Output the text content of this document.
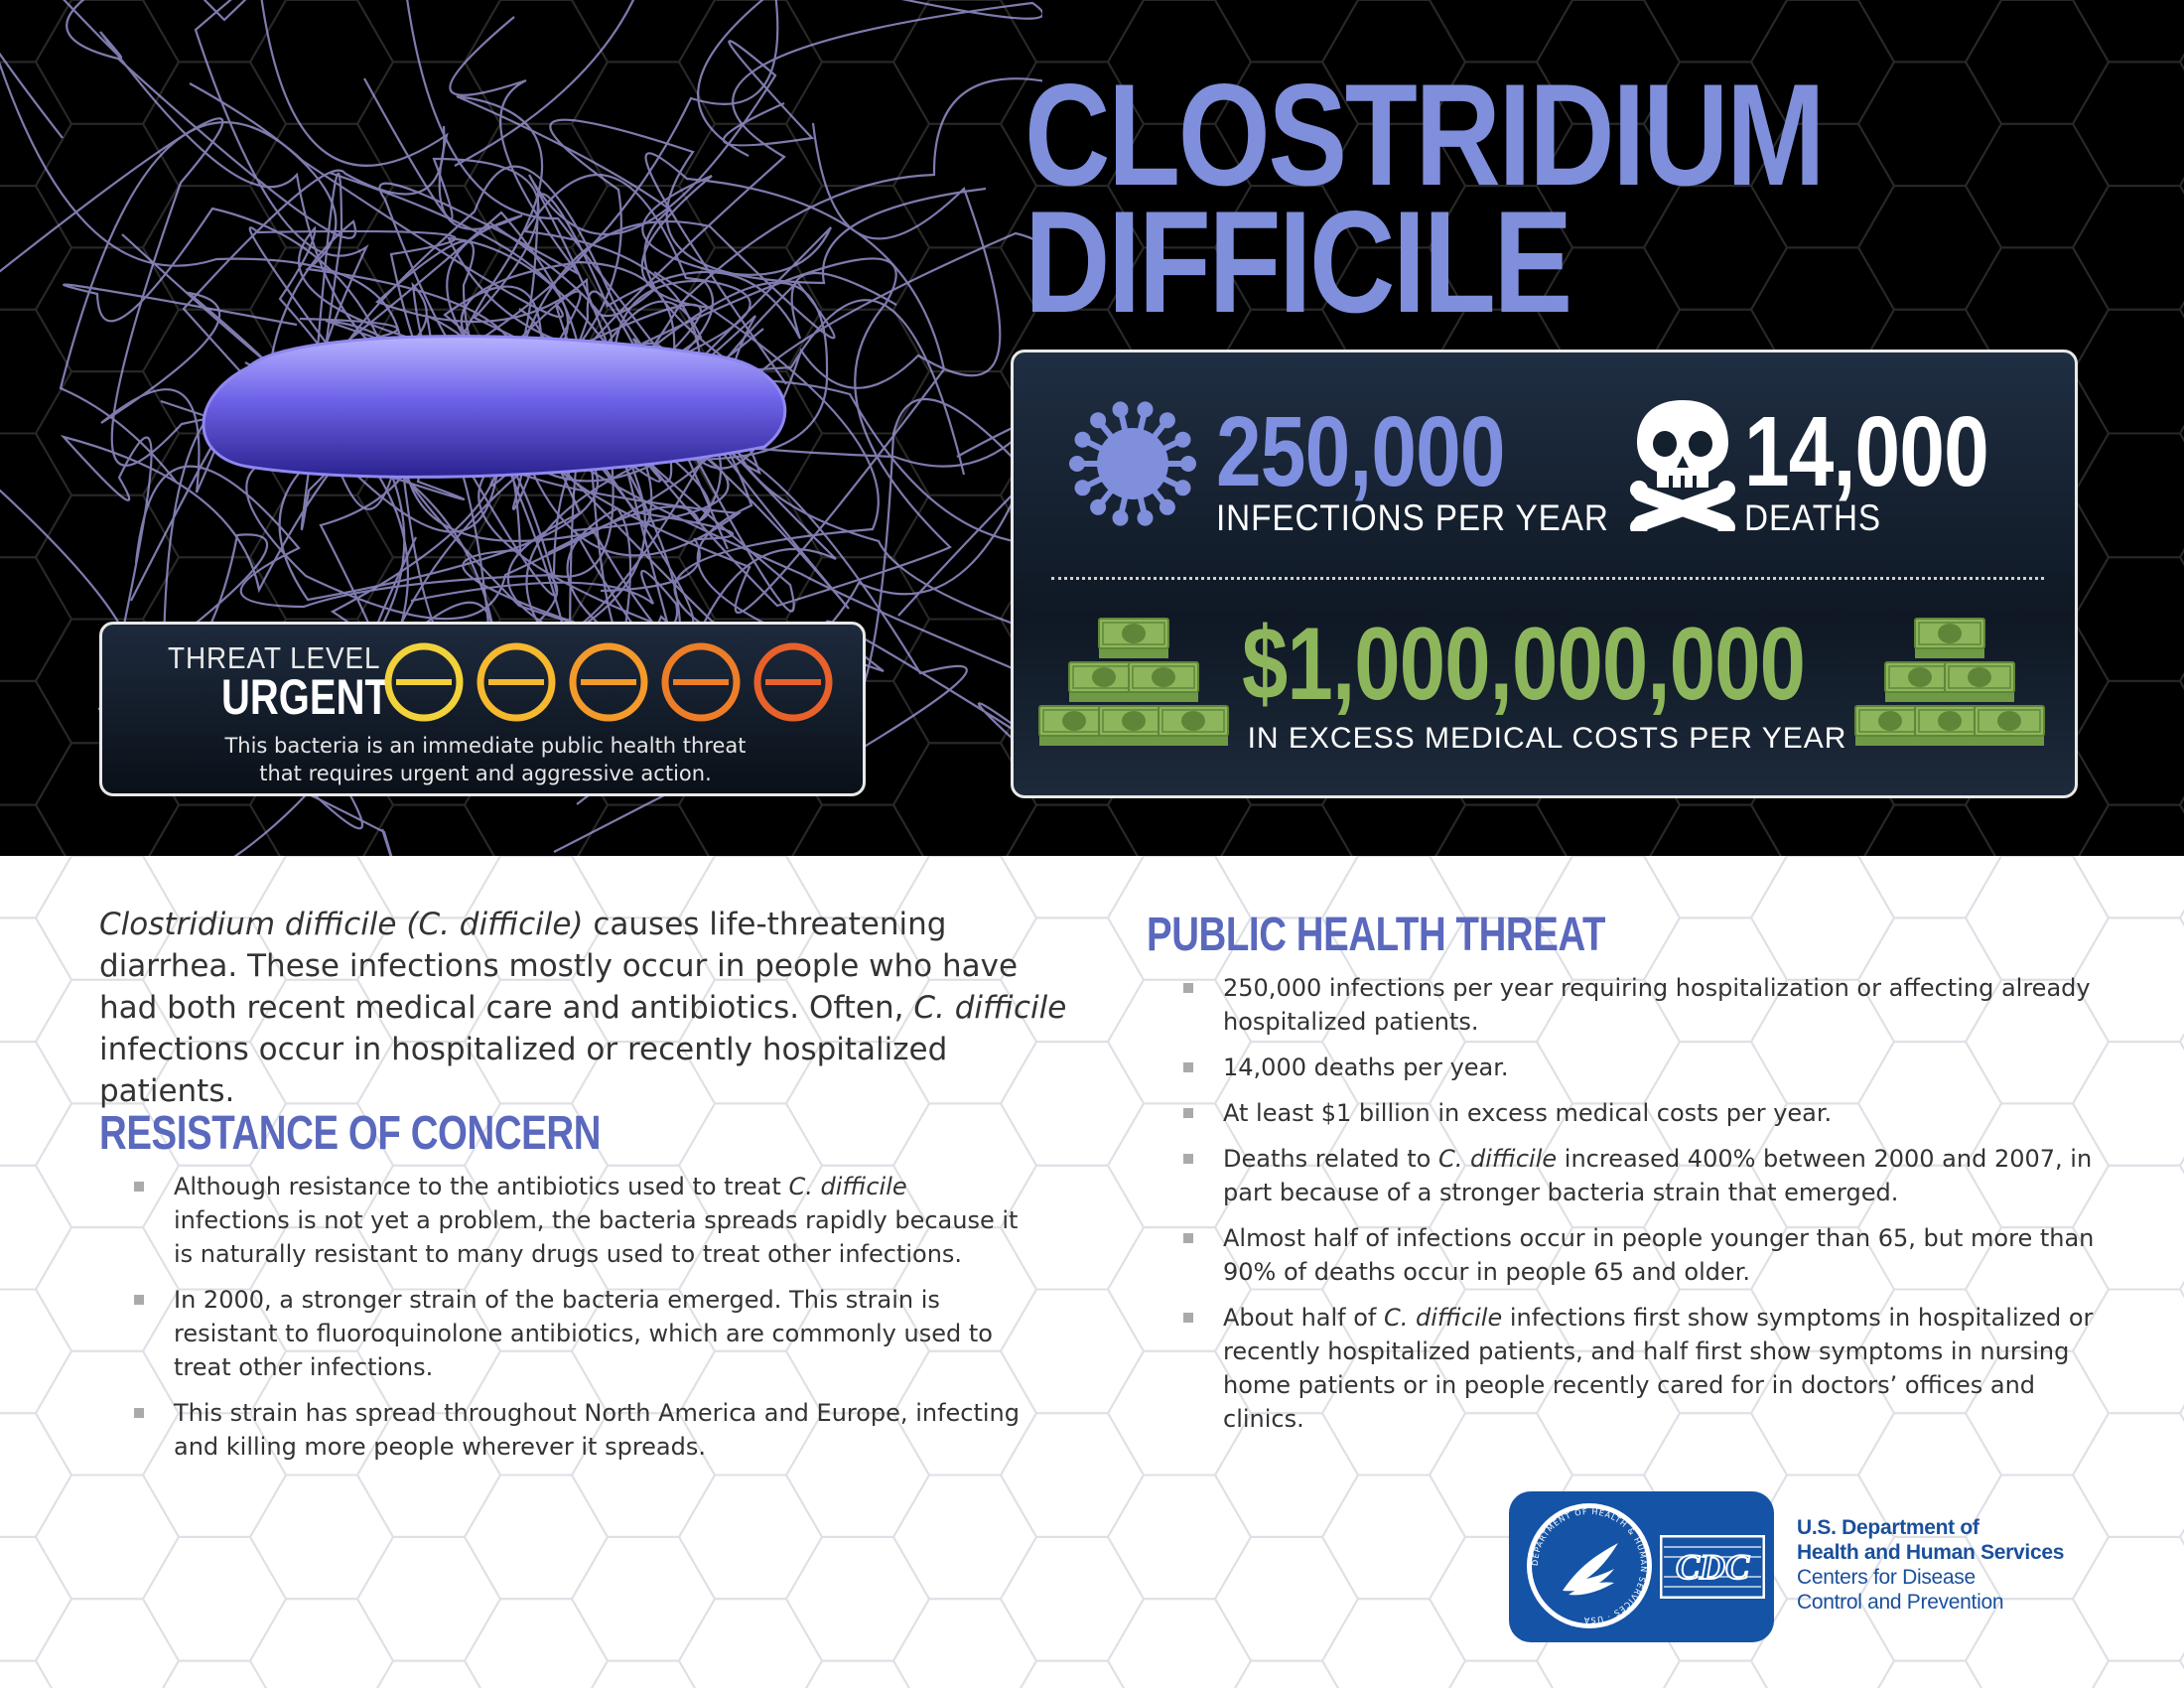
CLOSTRIDIUM
DIFFICILE
THREAT LEVEL
URGENT
This bacteria is an immediate public health threat
that requires urgent and aggressive action.
250,000
INFECTIONS PER YEAR
14,000
DEATHS
$1,000,000,000
IN EXCESS MEDICAL COSTS PER YEAR

Clostridium difficile (C. difficile) causes life-threatening diarrhea. These infections mostly occur in people who have had both recent medical care and antibiotics. Often, C. difficile infections occur in hospitalized or recently hospitalized patients.

RESISTANCE OF CONCERN
Although resistance to the antibiotics used to treat C. difficile infections is not yet a problem, the bacteria spreads rapidly because it is naturally resistant to many drugs used to treat other infections.
In 2000, a stronger strain of the bacteria emerged. This strain is resistant to fluoroquinolone antibiotics, which are commonly used to treat other infections.
This strain has spread throughout North America and Europe, infecting and killing more people wherever it spreads.
PUBLIC HEALTH THREAT
250,000 infections per year requiring hospitalization or affecting already hospitalized patients.
14,000 deaths per year.
At least $1 billion in excess medical costs per year.
Deaths related to C. difficile increased 400% between 2000 and 2007, in part because of a stronger bacteria strain that emerged.
Almost half of infections occur in people younger than 65, but more than 90% of deaths occur in people 65 and older.
About half of C. difficile infections first show symptoms in hospitalized or recently hospitalized patients, and half first show symptoms in nursing home patients or in people recently cared for in doctors’ offices and clinics.
DEPARTMENT OF HEALTH & HUMAN SERVICES · USA
CDC
U.S. Department of
Health and Human Services
Centers for Disease
Control and Prevention
